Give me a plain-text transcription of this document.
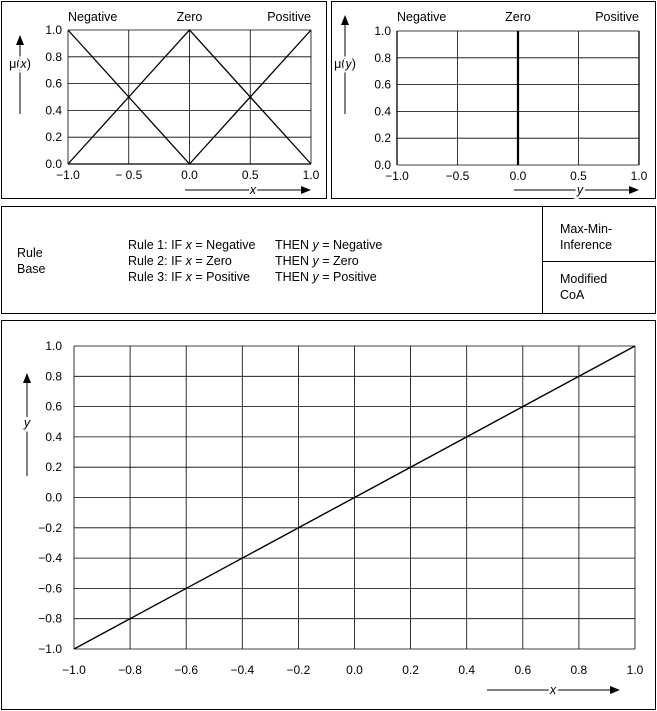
Negative	Zero	Positive
0.0
0.2
0.4
0.6
0.8
1.0
−1.0	− 0.5	0.0	0.5	1.0
μ(x)
x
Negative	Zero	Positive
0.0
0.2
0.4
0.6
0.8
1.0
−1.0	−0.5	0.0	0.5	1.0
μ(y)
y
Rule
Base
Rule 1: IF x = Negative THEN y = Negative
Rule 2: IF x = Zero	THEN y = Zero
Rule 3: IF x = Positive THEN y = Positive
Max-Min-
Inference
Modified
CoA
−1.0
−0.8
−0.6
−0.4
−0.2
0.0
0.2
0.4
0.6
0.8
1.0
−1.0	−0.8	−0.6	−0.4	−0.2	0.0	0.2	0.4	0.6	0.8	1.0
y
x
